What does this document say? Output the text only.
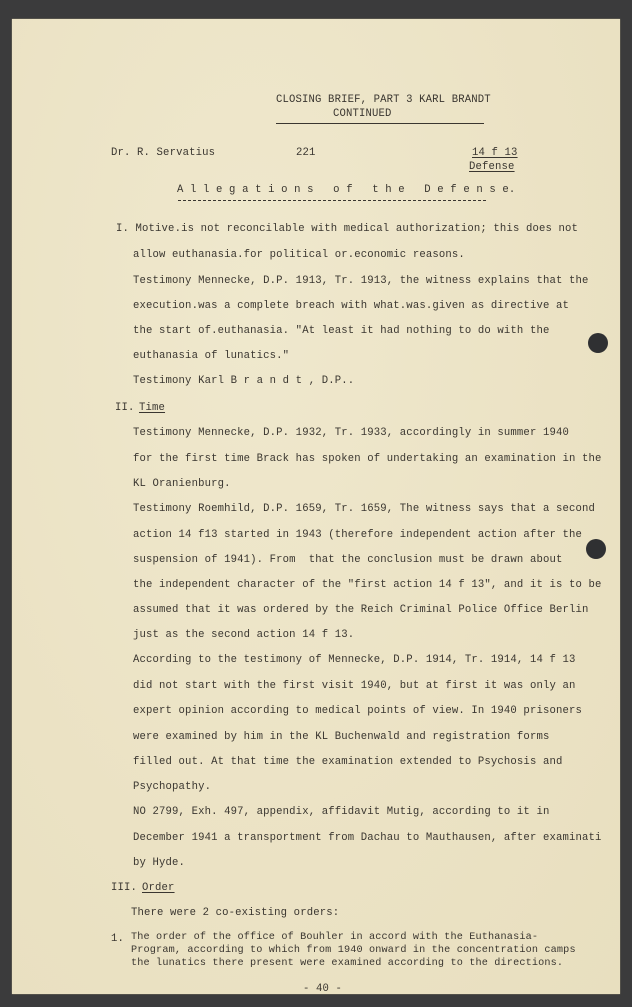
CLOSING BRIEF, PART 3 KARL BRANDT
CONTINUED
Dr. R. Servatius	221	14 f 13
Defense
A l l e g a t i o n s   o f   t h e   D e f e n s e.
I. Motive.is not reconcilable with medical authorization; this does not
allow euthanasia.for political or.economic reasons.
Testimony Mennecke, D.P. 1913, Tr. 1913, the witness explains that the
execution.was a complete breach with what.was.given as directive at
the start of.euthanasia. "At least it had nothing to do with the
euthanasia of lunatics."
Testimony Karl B r a n d t , D.P..
II. Time
Testimony Mennecke, D.P. 1932, Tr. 1933, accordingly in summer 1940
for the first time Brack has spoken of undertaking an examination in the
KL Oranienburg.
Testimony Roemhild, D.P. 1659, Tr. 1659, The witness says that a second
action 14 f13 started in 1943 (therefore independent action after the
suspension of 1941). From  that the conclusion must be drawn about
the independent character of the "first action 14 f 13", and it is to be
assumed that it was ordered by the Reich Criminal Police Office Berlin
just as the second action 14 f 13.
According to the testimony of Mennecke, D.P. 1914, Tr. 1914, 14 f 13
did not start with the first visit 1940, but at first it was only an
expert opinion according to medical points of view. In 1940 prisoners
were examined by him in the KL Buchenwald and registration forms
filled out. At that time the examination extended to Psychosis and
Psychopathy.
NO 2799, Exh. 497, appendix, affidavit Mutig, according to it in
December 1941 a transportment from Dachau to Mauthausen, after examinati
by Hyde.
III. Order
There were 2 co-existing orders:
1. The order of the office of Bouhler in accord with the Euthanasia-
Program, according to which from 1940 onward in the concentration camps
the lunatics there present were examined according to the directions.
- 40 -
